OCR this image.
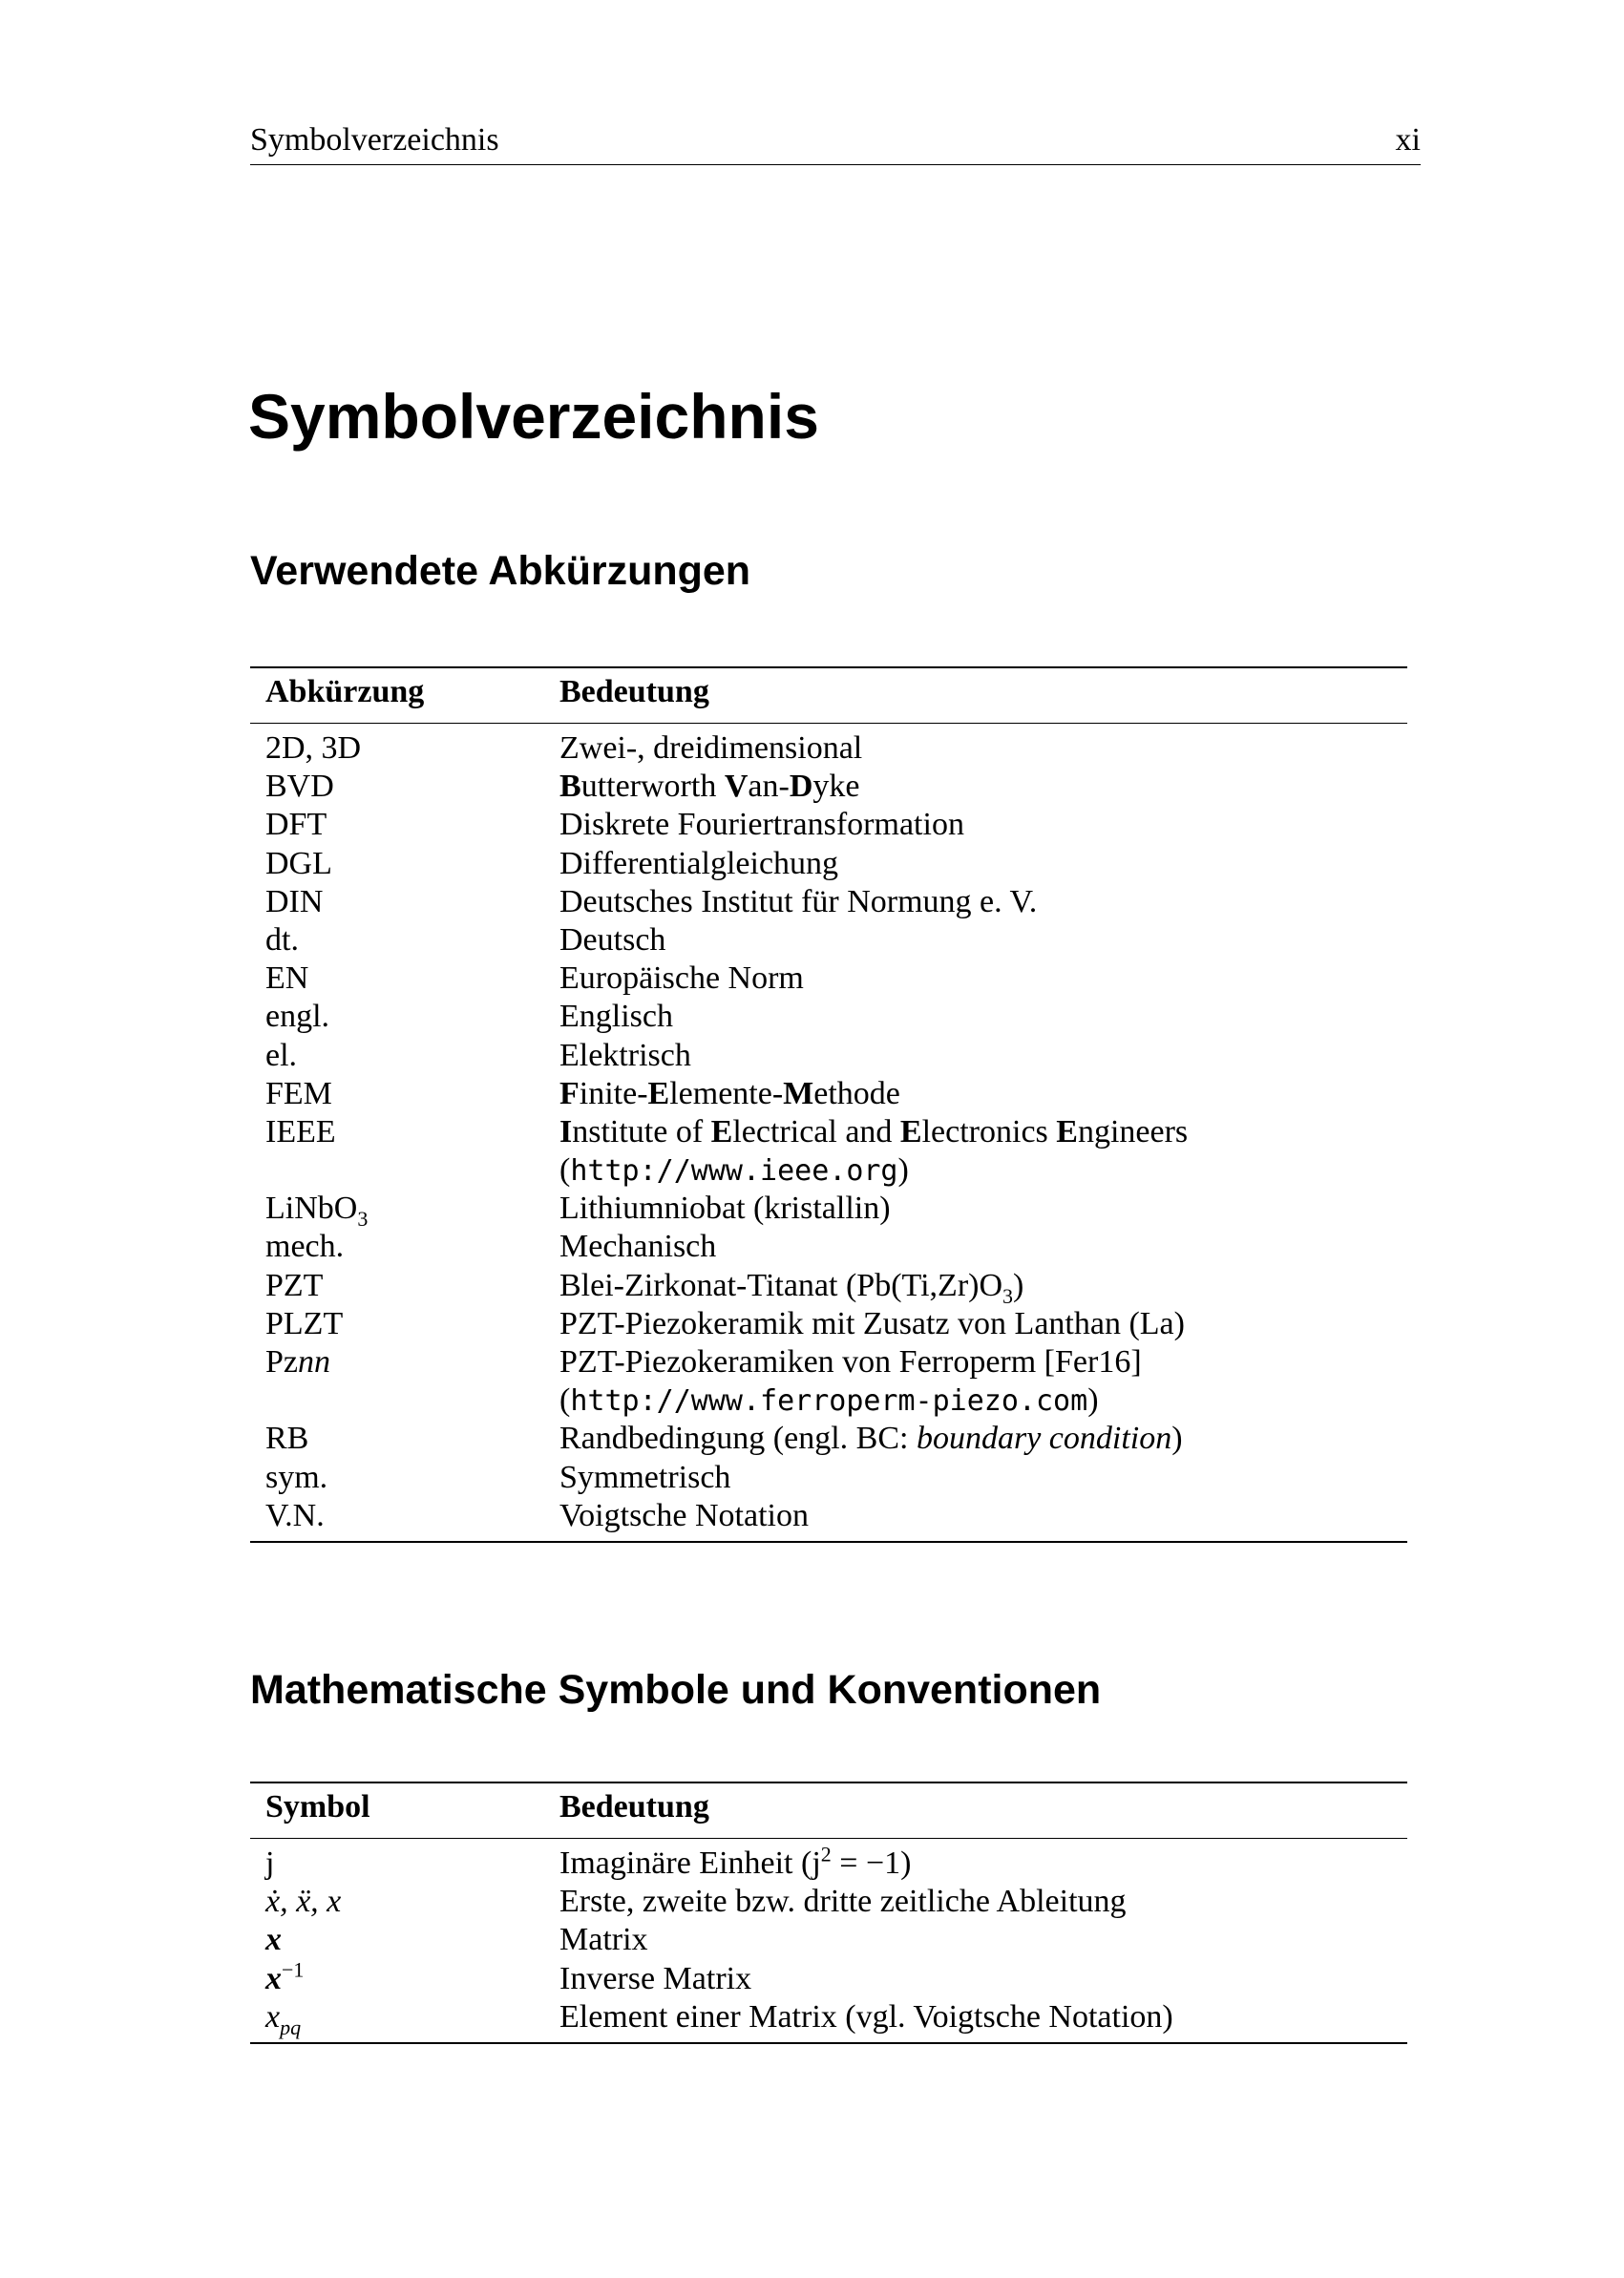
Symbolverzeichnis	xi
Symbolverzeichnis
Verwendete Abkürzungen
Abkürzung	Bedeutung
2D, 3D	Zwei-, dreidimensional
BVD	Butterworth Van-Dyke
DFT	Diskrete Fouriertransformation
DGL	Differentialgleichung
DIN	Deutsches Institut für Normung e. V.
dt.	Deutsch
EN	Europäische Norm
engl.	Englisch
el.	Elektrisch
FEM	Finite-Elemente-Methode
IEEE	Institute of Electrical and Electronics Engineers
(http://www.ieee.org)
LiNbO$_3$	Lithiumniobat (kristallin)
mech.	Mechanisch
PZT	Blei-Zirkonat-Titanat $(Pb(Ti,Zr)O_3)$
PLZT	PZT-Piezokeramik mit Zusatz von Lanthan (La)
Pznn	PZT-Piezokeramiken von Ferroperm [Fer16]
(http://www.ferroperm-piezo.com)
RB	Randbedingung (engl. BC: boundary condition)
sym.	Symmetrisch
V.N.	Voigtsche Notation
Mathematische Symbole und Konventionen
Symbol	Bedeutung
j	Imaginäre Einheit $(j^2 = -1)$
ẋ, ẍ, x⃛	Erste, zweite bzw. dritte zeitliche Ableitung
x	Matrix
$x^{-1}$	Inverse Matrix
$x_{pq}$	Element einer Matrix (vgl. Voigtsche Notation)
